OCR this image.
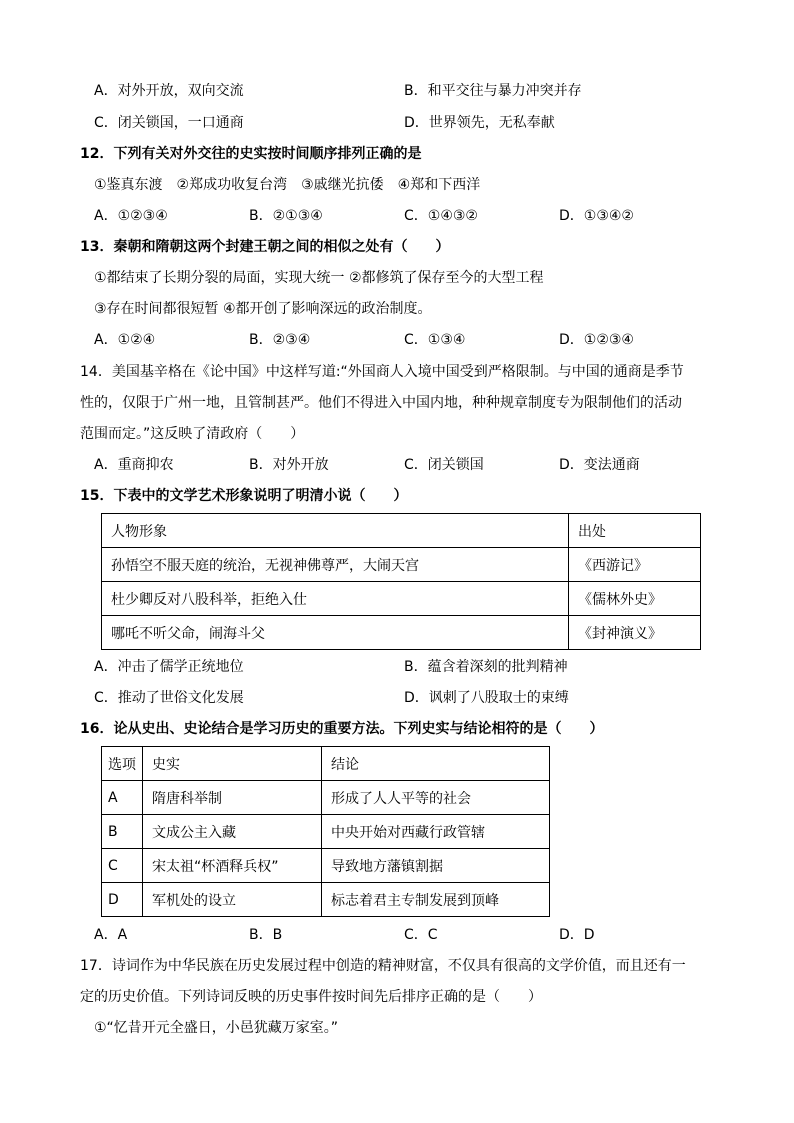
A．对外开放，双向交流	B．和平交往与暴力冲突并存
C．闭关锁国，一口通商	D．世界领先，无私奉献
12．下列有关对外交往的史实按时间顺序排列正确的是
①鉴真东渡　②郑成功收复台湾　③戚继光抗倭　④郑和下西洋
A．①②③④	B．②①③④	C．①④③②	D．①③④②
13．秦朝和隋朝这两个封建王朝之间的相似之处有（　　）
①都结束了长期分裂的局面，实现大统一 ②都修筑了保存至今的大型工程
③存在时间都很短暂 ④都开创了影响深远的政治制度。
A．①②④	B．②③④	C．①③④	D．①②③④
14．美国基辛格在《论中国》中这样写道:“外国商人入境中国受到严格限制。与中国的通商是季节
性的，仅限于广州一地，且管制甚严。他们不得进入中国内地，种种规章制度专为限制他们的活动
范围而定。”这反映了清政府（　　）
A．重商抑农	B．对外开放	C．闭关锁国	D．变法通商
15．下表中的文学艺术形象说明了明清小说（　　）
人物形象	出处
孙悟空不服天庭的统治，无视神佛尊严，大闹天宫	《西游记》
杜少卿反对八股科举，拒绝入仕	《儒林外史》
哪吒不听父命，闹海斗父	《封神演义》
A．冲击了儒学正统地位	B．蕴含着深刻的批判精神
C．推动了世俗文化发展	D．讽刺了八股取士的束缚
16．论从史出、史论结合是学习历史的重要方法。下列史实与结论相符的是（　　）
选项	史实	结论
A	隋唐科举制	形成了人人平等的社会
B	文成公主入藏	中央开始对西藏行政管辖
C	宋太祖“杯酒释兵权”	导致地方藩镇割据
D	军机处的设立	标志着君主专制发展到顶峰
A．A	B．B	C．C	D．D
17．诗词作为中华民族在历史发展过程中创造的精神财富，不仅具有很高的文学价值，而且还有一
定的历史价值。下列诗词反映的历史事件按时间先后排序正确的是（　　）
①“忆昔开元全盛日，小邑犹藏万家室。”
